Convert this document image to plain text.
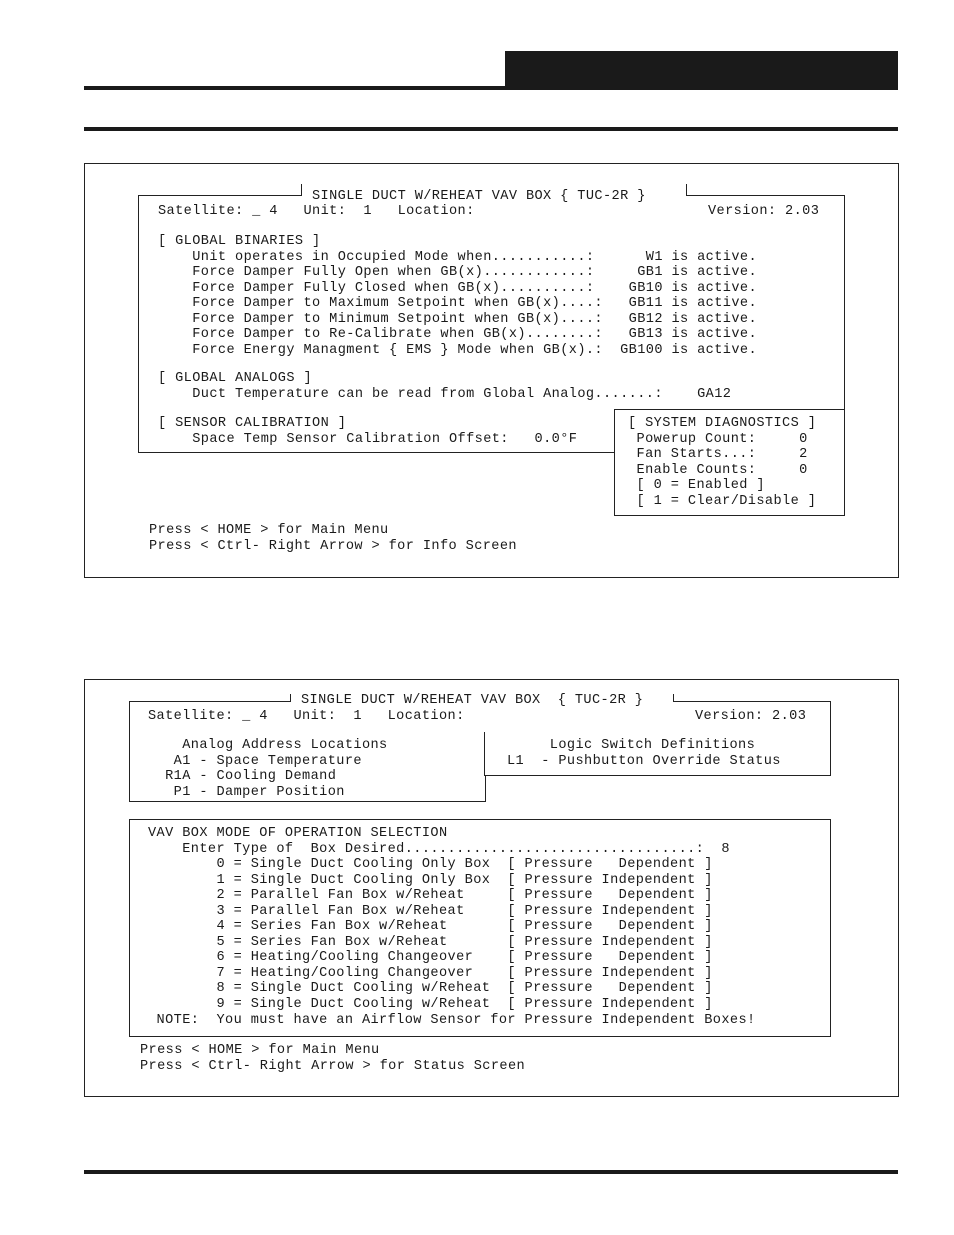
SINGLE DUCT W/REHEAT VAV BOX { TUC-2R }
Satellite: _ 4   Unit:  1   Location:	Version: 2.03
[ GLOBAL BINARIES ]
Unit operates in Occupied Mode when...........:      W1 is active.
Force Damper Fully Open when GB(x)............:     GB1 is active.
Force Damper Fully Closed when GB(x)..........:    GB10 is active.
Force Damper to Maximum Setpoint when GB(x)....:   GB11 is active.
Force Damper to Minimum Setpoint when GB(x)....:   GB12 is active.
Force Damper to Re-Calibrate when GB(x)........:   GB13 is active.
Force Energy Managment { EMS } Mode when GB(x).:  GB100 is active.
[ GLOBAL ANALOGS ]
Duct Temperature can be read from Global Analog.......:    GA12
[ SENSOR CALIBRATION ]
Space Temp Sensor Calibration Offset:   0.0°F
[ SYSTEM DIAGNOSTICS ]
Powerup Count:     0
Fan Starts...:     2
Enable Counts:     0
[ 0 = Enabled ]
[ 1 = Clear/Disable ]
Press < HOME > for Main Menu
Press < Ctrl- Right Arrow > for Info Screen
SINGLE DUCT W/REHEAT VAV BOX  { TUC-2R }
Satellite: _ 4   Unit:  1   Location:	Version: 2.03
Analog Address Locations
A1 - Space Temperature
R1A - Cooling Demand
P1 - Damper Position
Logic Switch Definitions
L1  - Pushbutton Override Status
VAV BOX MODE OF OPERATION SELECTION
Enter Type of  Box Desired..................................:  8
0 = Single Duct Cooling Only Box  [ Pressure   Dependent ]
1 = Single Duct Cooling Only Box  [ Pressure Independent ]
2 = Parallel Fan Box w/Reheat     [ Pressure   Dependent ]
3 = Parallel Fan Box w/Reheat     [ Pressure Independent ]
4 = Series Fan Box w/Reheat       [ Pressure   Dependent ]
5 = Series Fan Box w/Reheat       [ Pressure Independent ]
6 = Heating/Cooling Changeover    [ Pressure   Dependent ]
7 = Heating/Cooling Changeover    [ Pressure Independent ]
8 = Single Duct Cooling w/Reheat  [ Pressure   Dependent ]
9 = Single Duct Cooling w/Reheat  [ Pressure Independent ]
NOTE:  You must have an Airflow Sensor for Pressure Independent Boxes!
Press < HOME > for Main Menu
Press < Ctrl- Right Arrow > for Status Screen
